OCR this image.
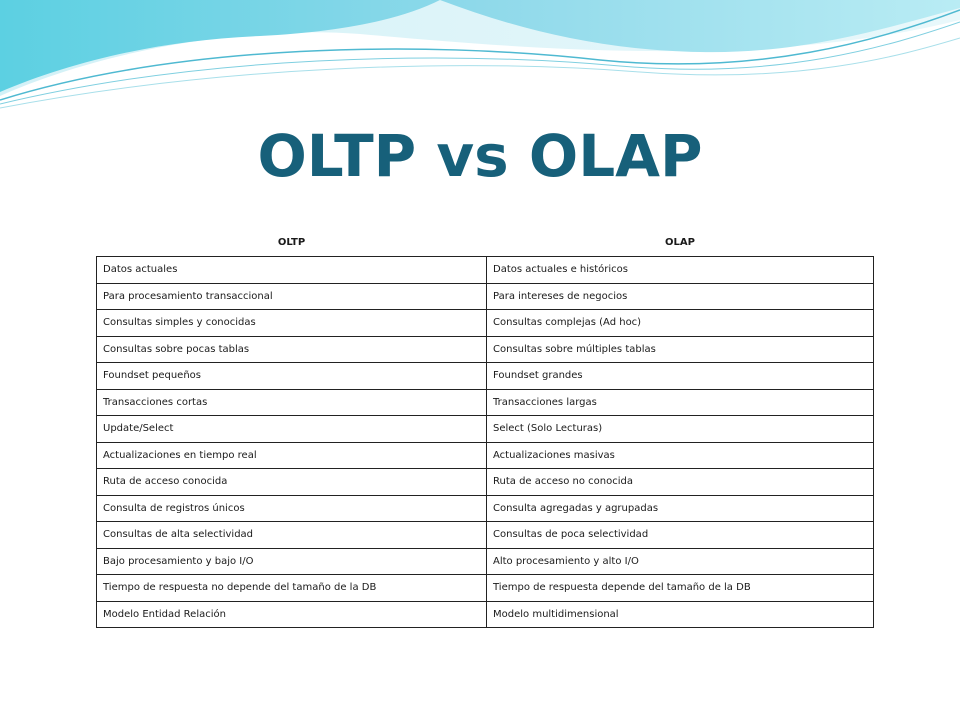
OLTP vs OLAP
OLTP	OLAP
Datos actuales	Datos actuales e históricos
Para procesamiento transaccional	Para intereses de negocios
Consultas simples y conocidas	Consultas complejas (Ad hoc)
Consultas sobre pocas tablas	Consultas sobre múltiples tablas
Foundset pequeños	Foundset grandes
Transacciones cortas	Transacciones largas
Update/Select	Select (Solo Lecturas)
Actualizaciones en tiempo real	Actualizaciones masivas
Ruta de acceso conocida	Ruta de acceso no conocida
Consulta de registros únicos	Consulta agregadas y agrupadas
Consultas de alta selectividad	Consultas de poca selectividad
Bajo procesamiento y bajo I/O	Alto procesamiento y alto I/O
Tiempo de respuesta no depende del tamaño de la DB	Tiempo de respuesta depende del tamaño de la DB
Modelo Entidad Relación	Modelo multidimensional
